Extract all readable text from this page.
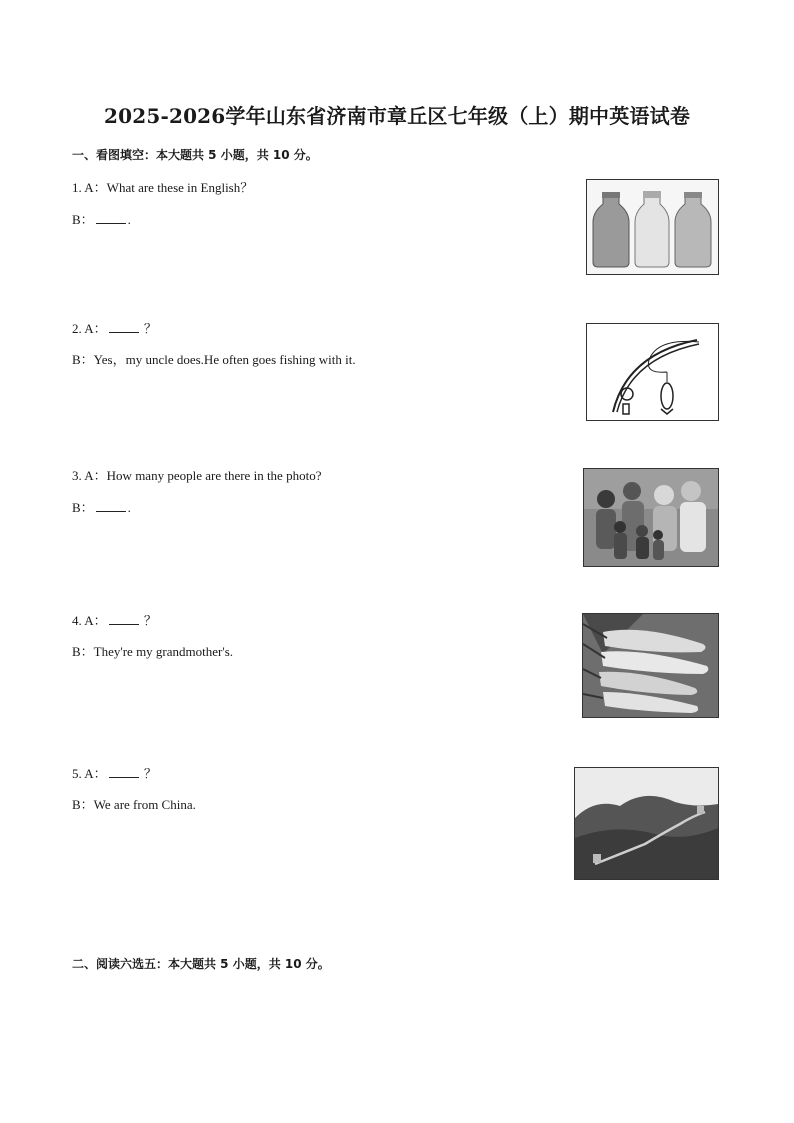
2025-2026学年山东省济南市章丘区七年级（上）期中英语试卷
一、看图填空：本大题共 5 小题，共 10 分。
1. A：What are these in English？
B：	.
2. A：	？
B：Yes，my uncle does.He often goes fishing with it.
3. A：How many people are there in the photo?
B：	.
4. A：	？
B：They're my grandmother's.
5. A：	？
B：We are from China.
二、阅读六选五：本大题共 5 小题，共 10 分。
